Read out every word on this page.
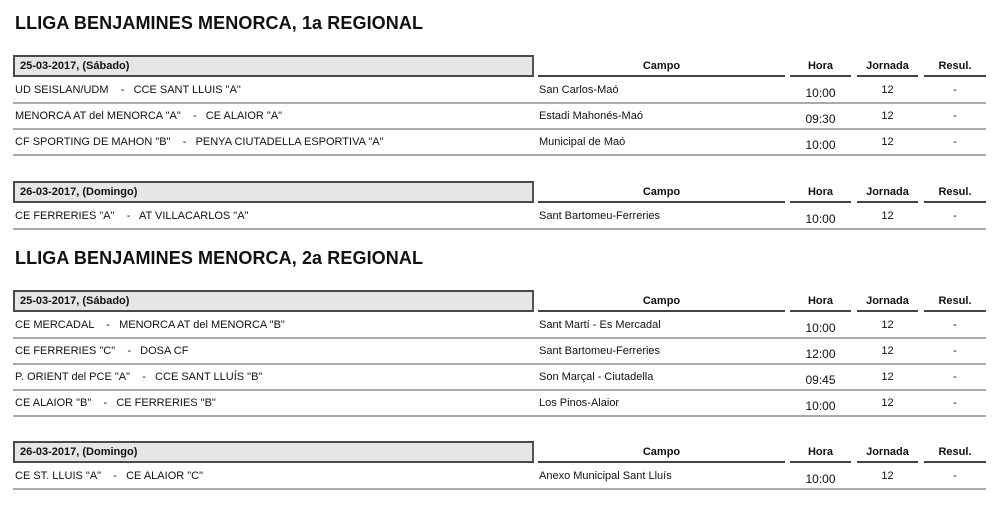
LLIGA BENJAMINES MENORCA, 1a REGIONAL
25-03-2017, (Sábado)	Campo	Hora	Jornada	Resul.
UD SEISLAN/UDM    -   CCE SANT LLUIS "A"	San Carlos-Maó	10:00	12	-
MENORCA AT del MENORCA "A"    -   CE ALAIOR "A"	Estadi Mahonés-Maó	09:30	12	-
CF SPORTING DE MAHON "B"    -   PENYA CIUTADELLA ESPORTIVA "A"	Municipal de Maó	10:00	12	-
26-03-2017, (Domingo)	Campo	Hora	Jornada	Resul.
CE FERRERIES "A"    -   AT VILLACARLOS "A"	Sant Bartomeu-Ferreries	10:00	12	-
LLIGA BENJAMINES MENORCA, 2a REGIONAL
25-03-2017, (Sábado)	Campo	Hora	Jornada	Resul.
CE MERCADAL    -   MENORCA AT del MENORCA "B"	Sant Martí - Es Mercadal	10:00	12	-
CE FERRERIES "C"    -   DOSA CF	Sant Bartomeu-Ferreries	12:00	12	-
P. ORIENT del PCE "A"    -   CCE SANT LLUÍS "B"	Son Marçal - Ciutadella	09:45	12	-
CE ALAIOR "B"    -   CE FERRERIES "B"	Los Pinos-Alaior	10:00	12	-
26-03-2017, (Domingo)	Campo	Hora	Jornada	Resul.
CE ST. LLUIS "A"    -   CE ALAIOR "C"	Anexo Municipal Sant Lluís	10:00	12	-
